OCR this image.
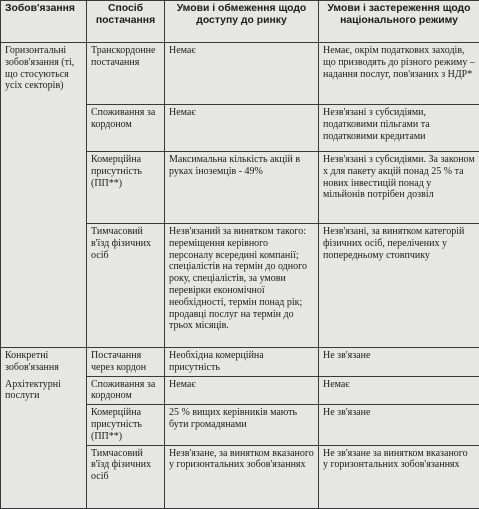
Зобов'язання	Спосіб постачання	Умови і обмеження щодо доступу до ринку	Умови і застереження щодо національного режиму
Горизонтальні зобов'язання (ті, що стосуються усіх секторів)	Транскордонне постачання	Немає	Немає, окрім податкових заходів, що призводять до різного режиму – надання послуг, пов'язаних з НДР*
	Споживання за кордоном	Немає	Незв'язані з субсидіями, податковими пільгами та податковими кредитами
	Комерційна присутність (ПП**)	Максимальна кількість акцій в руках іноземців - 49%	Незв'язані з субсидіями. За законом х для пакету акцій понад 25 % та нових інвестицій понад у мільйонів потрібен дозвіл
	Тимчасовий в'їзд фізичних осіб	Незв'язаний за винятком такого: переміщення керівного персоналу всередині компанії; спеціалістів на термін до одного року, спеціалістів, за умови перевірки економічної необхідності, термін понад рік; продавці послуг на термін до трьох місяців.	Незв'язані, за винятком категорій фізичних осіб, перелічених у попередньому стовпчику
Конкретні зобов'язання	Постачання через кордон	Необхідна комерційна присутність	Не зв'язане
Архітектурні послуги	Споживання за кордоном	Немає	Немає
	Комерційна присутність (ПП**)	25 % вищих керівників мають бути громадянами	Не зв'язане
	Тимчасовий в'їзд фізичних осіб	Незв'язане, за винятком вказаного у горизонтальних зобов'язаннях	Не зв'язане за винятком вказаного у горизонтальних зобов'язаннях
